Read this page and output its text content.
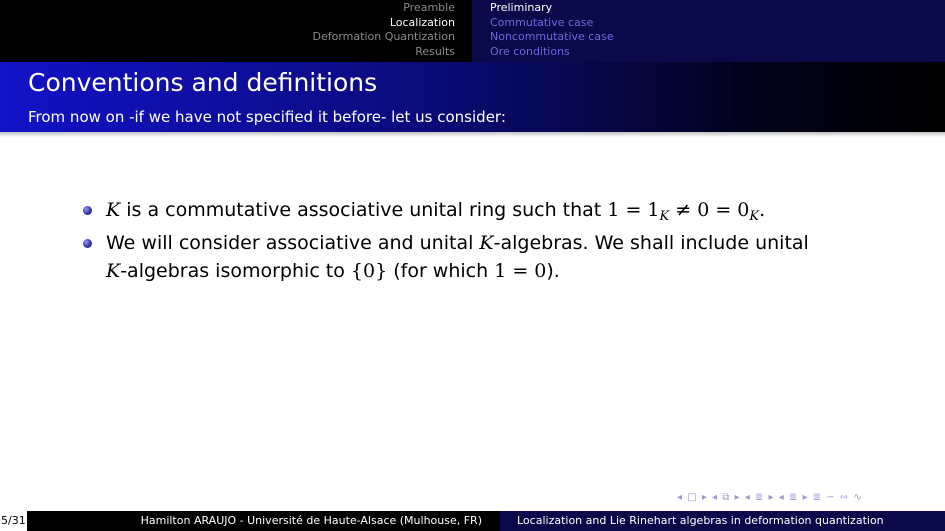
Preamble
Localization
Deformation Quantization
Results
Preliminary
Commutative case
Noncommutative case
Ore conditions
Conventions and definitions
From now on -if we have not specified it before- let us consider:
K is a commutative associative unital ring such that $1 = 1_K \ne 0 = 0_K$.
We will consider associative and unital K-algebras. We shall include unital
K-algebras isomorphic to {0} (for which 1 = 0).
◂ □ ▸ ◂ ⧉ ▸ ◂ ≣ ▸ ◂ ≣ ▸ ≣ ∽ ∾ ∿
5/31	Hamilton ARAUJO - Université de Haute-Alsace (Mulhouse, FR)	Localization and Lie Rinehart algebras in deformation quantization
